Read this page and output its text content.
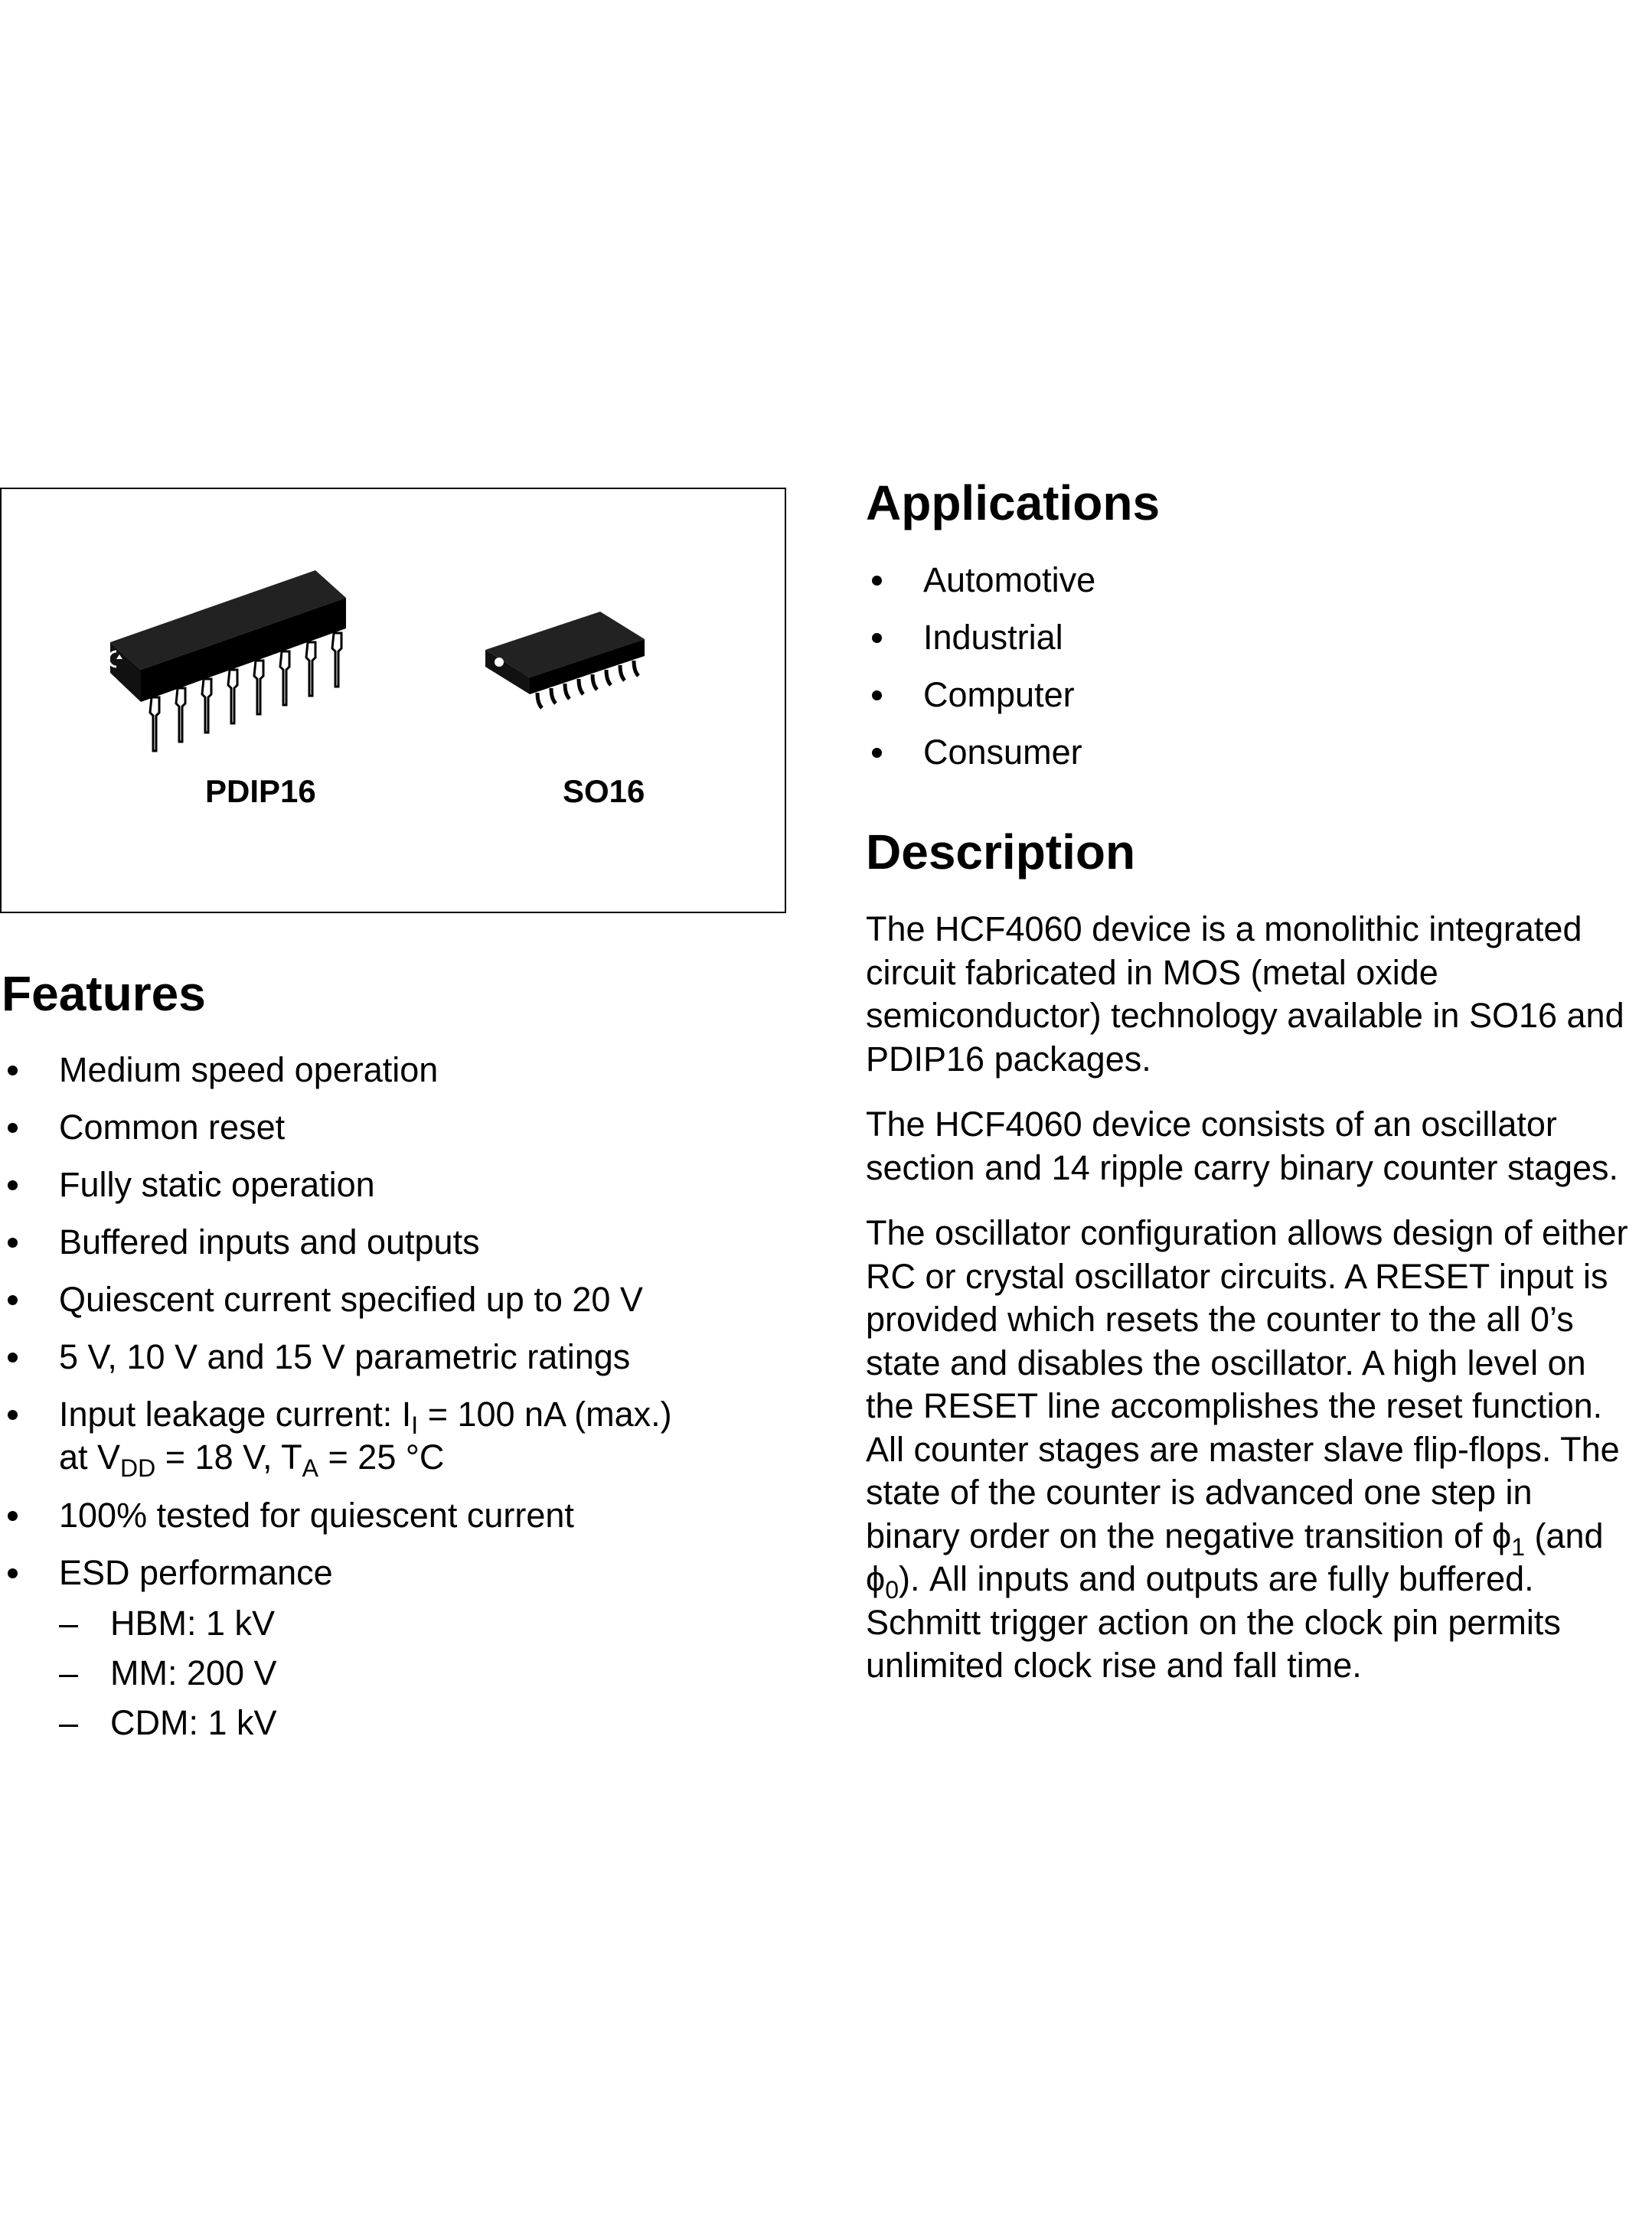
PDIP16	SO16
Features
Medium speed operation
Common reset
Fully static operation
Buffered inputs and outputs
Quiescent current specified up to 20 V
5 V, 10 V and 15 V parametric ratings
Input leakage current: $I_I = 100$ nA (max.)
at $V_{DD} = 18$ V, $T_A = 25$ °C
100% tested for quiescent current
ESD performance
– HBM: 1 kV
– MM: 200 V
– CDM: 1 kV
Applications
Automotive
Industrial
Computer
Consumer
Description

The HCF4060 device is a monolithic integrated
circuit fabricated in MOS (metal oxide
semiconductor) technology available in SO16 and
PDIP16 packages.

The HCF4060 device consists of an oscillator
section and 14 ripple carry binary counter stages.

The oscillator configuration allows design of either
RC or crystal oscillator circuits. A RESET input is
provided which resets the counter to the all 0’s
state and disables the oscillator. A high level on
the RESET line accomplishes the reset function.
All counter stages are master slave flip-flops. The
state of the counter is advanced one step in
binary order on the negative transition of $\phi_1$ (and
$\phi_0$). All inputs and outputs are fully buffered.
Schmitt trigger action on the clock pin permits
unlimited clock rise and fall time.
